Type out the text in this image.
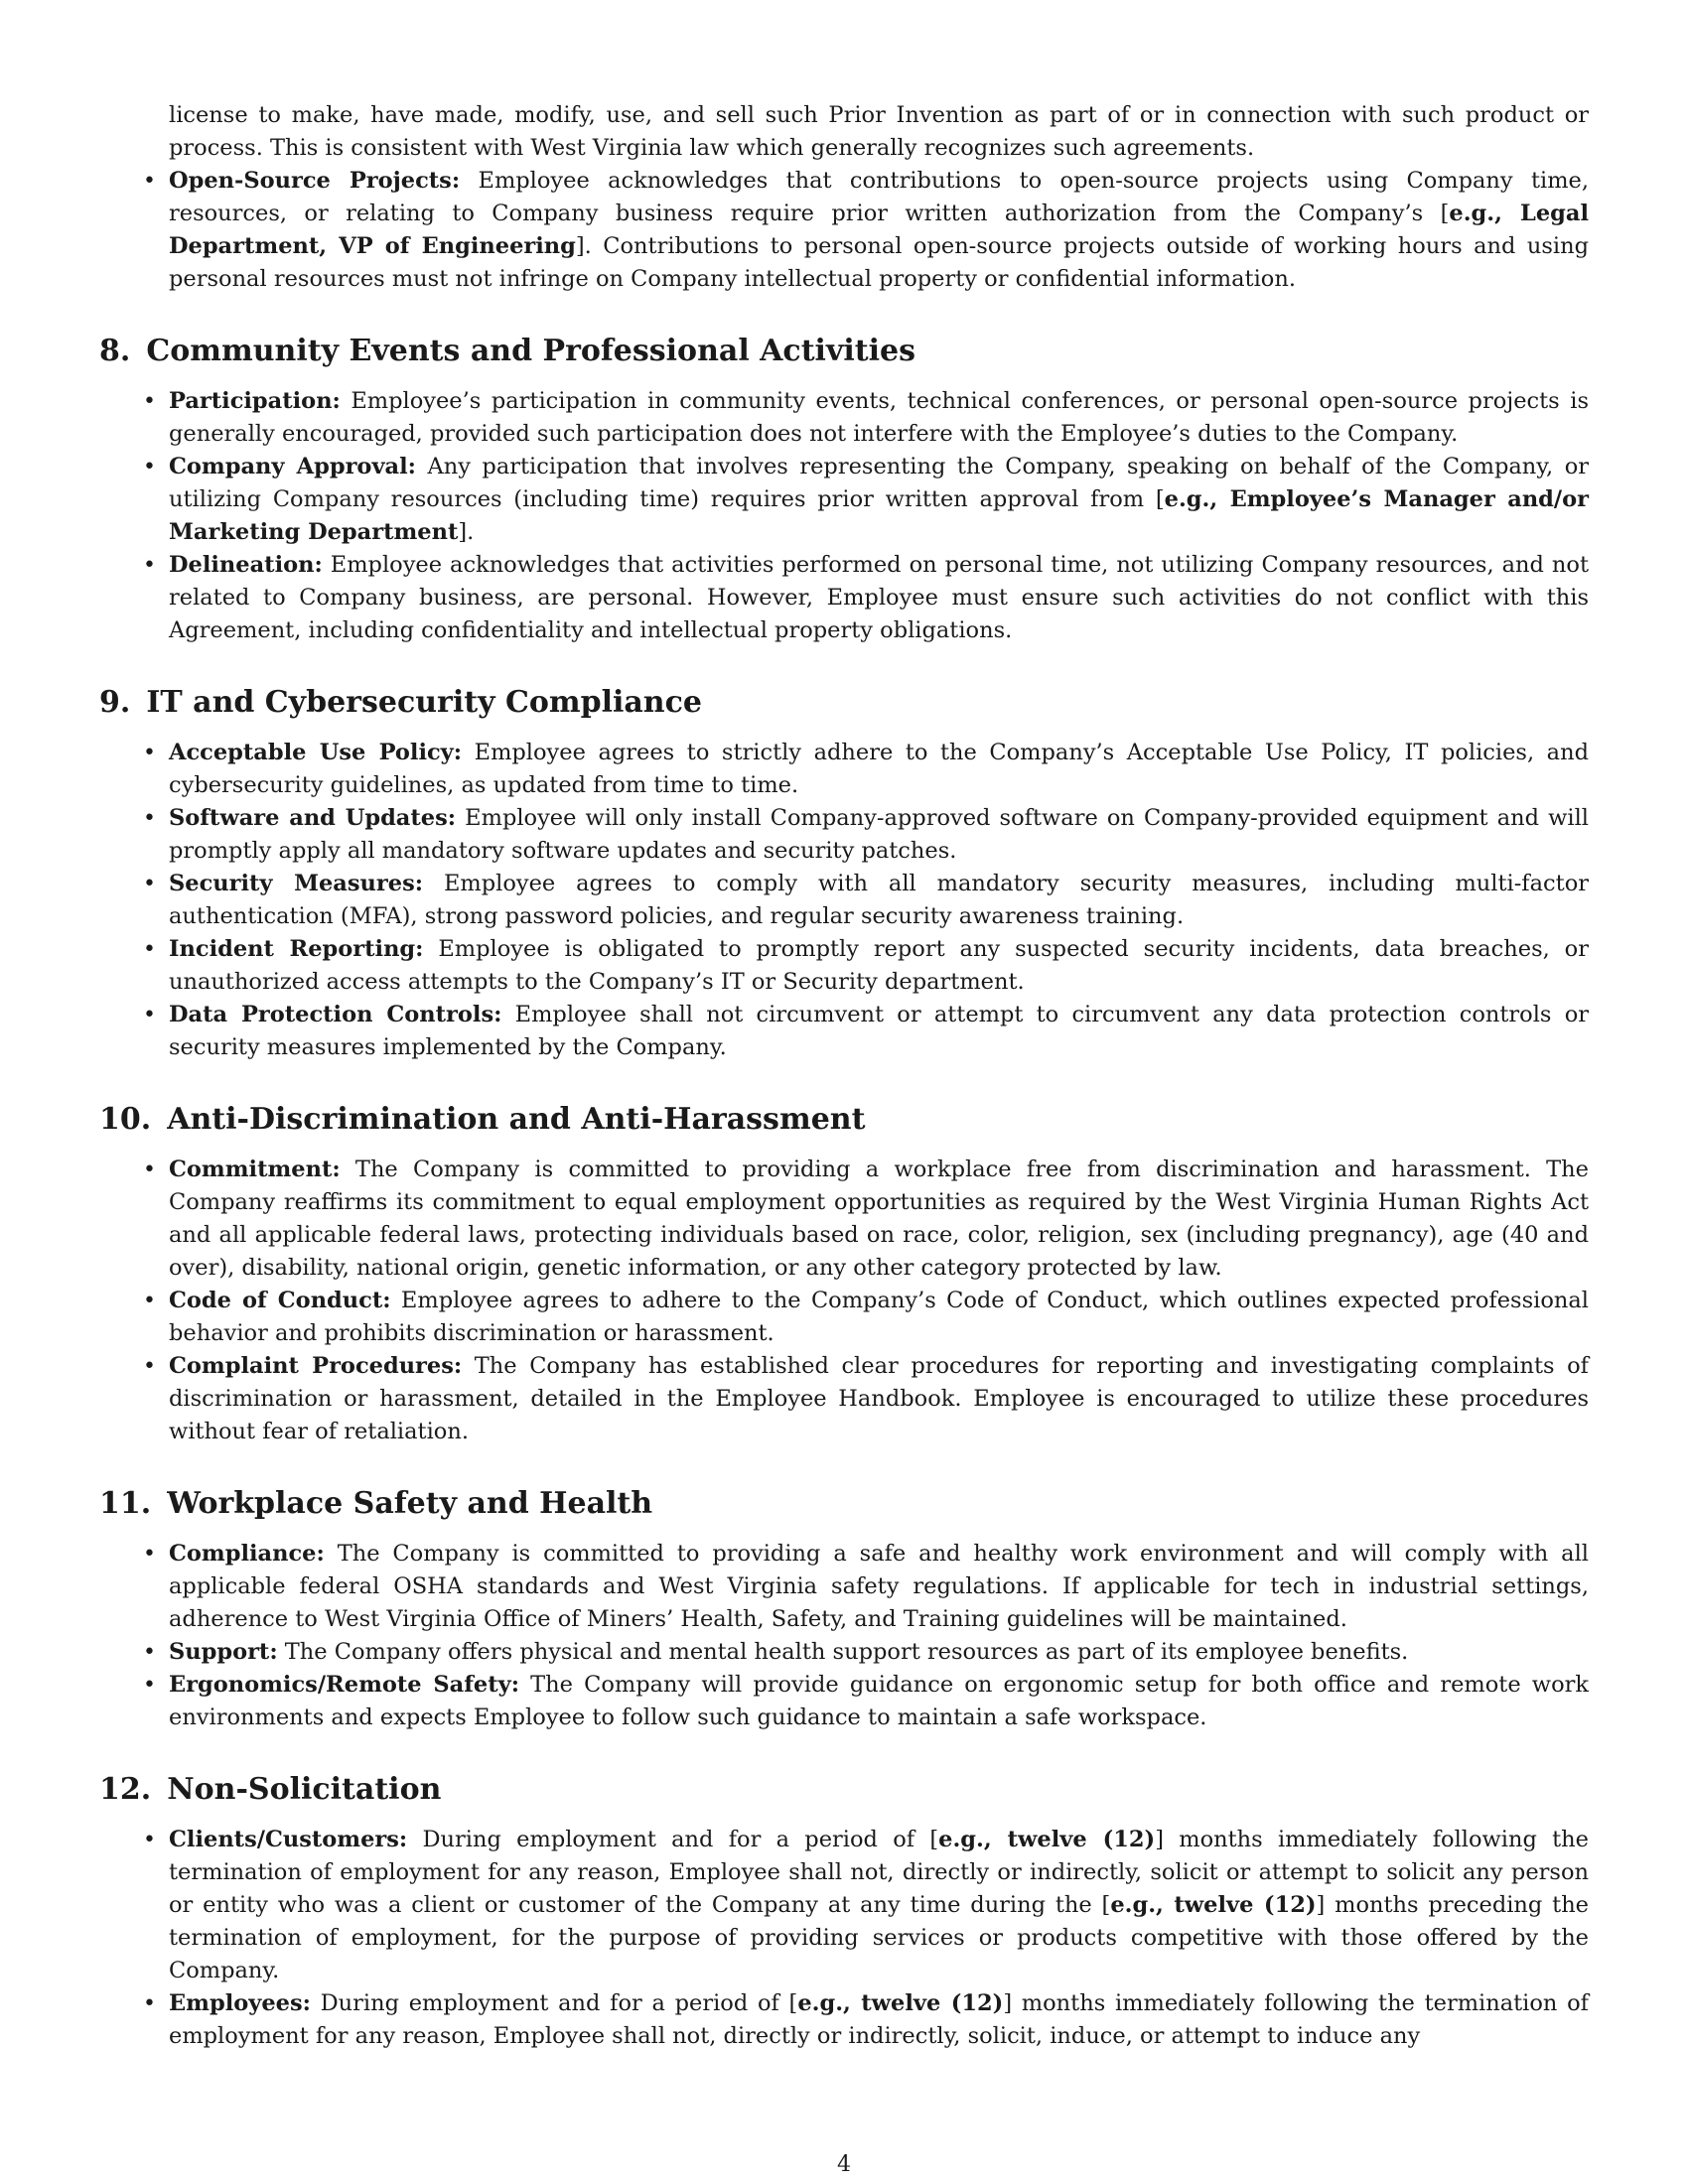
license to make, have made, modify, use, and sell such Prior Invention as part of or in connection with such product or process. This is consistent with West Virginia law which generally recognizes such agreements.

• Open-Source Projects: Employee acknowledges that contributions to open-source projects using Company time, resources, or relating to Company business require prior written authorization from the Company’s [e.g., Legal Department, VP of Engineering]. Contributions to personal open-source projects outside of working hours and using personal resources must not infringe on Company intellectual property or confidential information.
8. Community Events and Professional Activities
• Participation: Employee’s participation in community events, technical conferences, or personal open-source projects is generally encouraged, provided such participation does not interfere with the Employee’s duties to the Company.
• Company Approval: Any participation that involves representing the Company, speaking on behalf of the Company, or utilizing Company resources (including time) requires prior written approval from [e.g., Employee’s Manager and/or Marketing Department].
• Delineation: Employee acknowledges that activities performed on personal time, not utilizing Company resources, and not related to Company business, are personal. However, Employee must ensure such activities do not conflict with this Agreement, including confidentiality and intellectual property obligations.
9. IT and Cybersecurity Compliance
• Acceptable Use Policy: Employee agrees to strictly adhere to the Company’s Acceptable Use Policy, IT policies, and cybersecurity guidelines, as updated from time to time.
• Software and Updates: Employee will only install Company-approved software on Company-provided equipment and will promptly apply all mandatory software updates and security patches.
• Security Measures: Employee agrees to comply with all mandatory security measures, including multi-factor authentication (MFA), strong password policies, and regular security awareness training.
• Incident Reporting: Employee is obligated to promptly report any suspected security incidents, data breaches, or unauthorized access attempts to the Company’s IT or Security department.
• Data Protection Controls: Employee shall not circumvent or attempt to circumvent any data protection controls or security measures implemented by the Company.
10. Anti-Discrimination and Anti-Harassment
• Commitment: The Company is committed to providing a workplace free from discrimination and harassment. The Company reaffirms its commitment to equal employment opportunities as required by the West Virginia Human Rights Act and all applicable federal laws, protecting individuals based on race, color, religion, sex (including pregnancy), age (40 and over), disability, national origin, genetic information, or any other category protected by law.
• Code of Conduct: Employee agrees to adhere to the Company’s Code of Conduct, which outlines expected professional behavior and prohibits discrimination or harassment.
• Complaint Procedures: The Company has established clear procedures for reporting and investigating complaints of discrimination or harassment, detailed in the Employee Handbook. Employee is encouraged to utilize these procedures without fear of retaliation.
11. Workplace Safety and Health
• Compliance: The Company is committed to providing a safe and healthy work environment and will comply with all applicable federal OSHA standards and West Virginia safety regulations. If applicable for tech in industrial settings, adherence to West Virginia Office of Miners’ Health, Safety, and Training guidelines will be maintained.
• Support: The Company offers physical and mental health support resources as part of its employee benefits.
• Ergonomics/Remote Safety: The Company will provide guidance on ergonomic setup for both office and remote work environments and expects Employee to follow such guidance to maintain a safe workspace.
12. Non-Solicitation
• Clients/Customers: During employment and for a period of [e.g., twelve (12)] months immediately following the termination of employment for any reason, Employee shall not, directly or indirectly, solicit or attempt to solicit any person or entity who was a client or customer of the Company at any time during the [e.g., twelve (12)] months preceding the termination of employment, for the purpose of providing services or products competitive with those offered by the Company.
• Employees: During employment and for a period of [e.g., twelve (12)] months immediately following the termination of employment for any reason, Employee shall not, directly or indirectly, solicit, induce, or attempt to induce any
4
